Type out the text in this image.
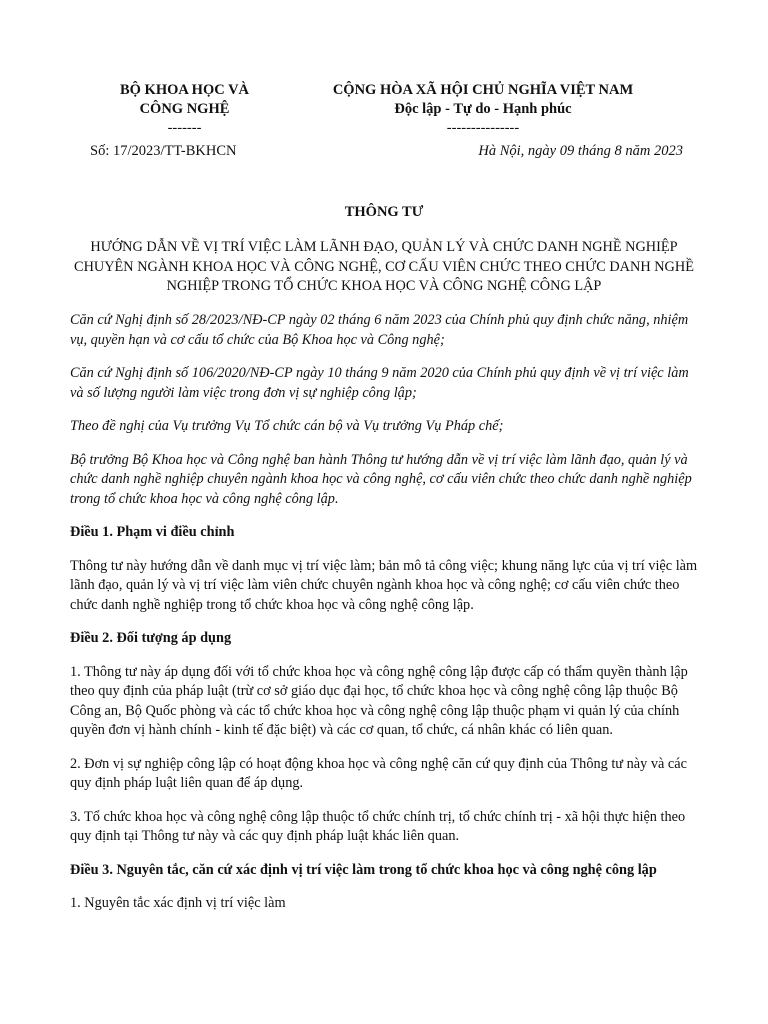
BỘ KHOA HỌC VÀ
CÔNG NGHỆ
-------
CỘNG HÒA XÃ HỘI CHỦ NGHĨA VIỆT NAM
Độc lập - Tự do - Hạnh phúc
---------------
Số: 17/2023/TT-BKHCN	Hà Nội, ngày 09 tháng 8 năm 2023
THÔNG TƯ
HƯỚNG DẪN VỀ VỊ TRÍ VIỆC LÀM LÃNH ĐẠO, QUẢN LÝ VÀ CHỨC DANH NGHỀ NGHIỆP CHUYÊN NGÀNH KHOA HỌC VÀ CÔNG NGHỆ, CƠ CẤU VIÊN CHỨC THEO CHỨC DANH NGHỀ NGHIỆP TRONG TỔ CHỨC KHOA HỌC VÀ CÔNG NGHỆ CÔNG LẬP

Căn cứ Nghị định số 28/2023/NĐ-CP ngày 02 tháng 6 năm 2023 của Chính phủ quy định chức năng, nhiệm vụ, quyền hạn và cơ cấu tổ chức của Bộ Khoa học và Công nghệ;

Căn cứ Nghị định số 106/2020/NĐ-CP ngày 10 tháng 9 năm 2020 của Chính phủ quy định về vị trí việc làm và số lượng người làm việc trong đơn vị sự nghiệp công lập;

Theo đề nghị của Vụ trưởng Vụ Tổ chức cán bộ và Vụ trưởng Vụ Pháp chế;

Bộ trưởng Bộ Khoa học và Công nghệ ban hành Thông tư hướng dẫn về vị trí việc làm lãnh đạo, quản lý và chức danh nghề nghiệp chuyên ngành khoa học và công nghệ, cơ cấu viên chức theo chức danh nghề nghiệp trong tổ chức khoa học và công nghệ công lập.

Điều 1. Phạm vi điều chỉnh

Thông tư này hướng dẫn về danh mục vị trí việc làm; bản mô tả công việc; khung năng lực của vị trí việc làm lãnh đạo, quản lý và vị trí việc làm viên chức chuyên ngành khoa học và công nghệ; cơ cấu viên chức theo chức danh nghề nghiệp trong tổ chức khoa học và công nghệ công lập.

Điều 2. Đối tượng áp dụng

1. Thông tư này áp dụng đối với tổ chức khoa học và công nghệ công lập được cấp có thẩm quyền thành lập theo quy định của pháp luật (trừ cơ sở giáo dục đại học, tổ chức khoa học và công nghệ công lập thuộc Bộ Công an, Bộ Quốc phòng và các tổ chức khoa học và công nghệ công lập thuộc phạm vi quản lý của chính quyền đơn vị hành chính - kinh tế đặc biệt) và các cơ quan, tổ chức, cá nhân khác có liên quan.

2. Đơn vị sự nghiệp công lập có hoạt động khoa học và công nghệ căn cứ quy định của Thông tư này và các quy định pháp luật liên quan để áp dụng.

3. Tổ chức khoa học và công nghệ công lập thuộc tổ chức chính trị, tổ chức chính trị - xã hội thực hiện theo quy định tại Thông tư này và các quy định pháp luật khác liên quan.

Điều 3. Nguyên tắc, căn cứ xác định vị trí việc làm trong tổ chức khoa học và công nghệ công lập

1. Nguyên tắc xác định vị trí việc làm
